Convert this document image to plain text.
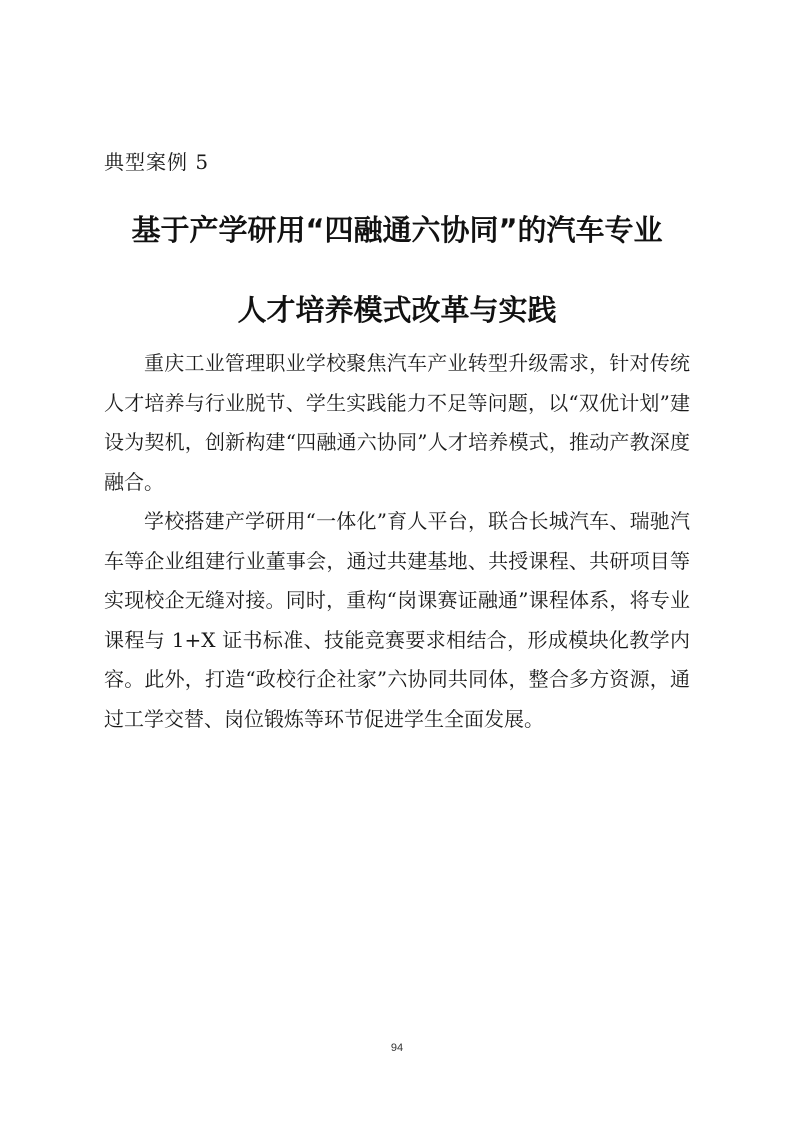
典型案例 5
基于产学研用“四融通六协同”的汽车专业
人才培养模式改革与实践

重庆工业管理职业学校聚焦汽车产业转型升级需求，针对传统人才培养与行业脱节、学生实践能力不足等问题，以“双优计划”建设为契机，创新构建“四融通六协同”人才培养模式，推动产教深度融合。

学校搭建产学研用“一体化”育人平台，联合长城汽车、瑞驰汽车等企业组建行业董事会，通过共建基地、共授课程、共研项目等实现校企无缝对接。同时，重构“岗课赛证融通”课程体系，将专业课程与 1+X 证书标准、技能竞赛要求相结合，形成模块化教学内容。此外，打造“政校行企社家”六协同共同体，整合多方资源，通过工学交替、岗位锻炼等环节促进学生全面发展。

94
